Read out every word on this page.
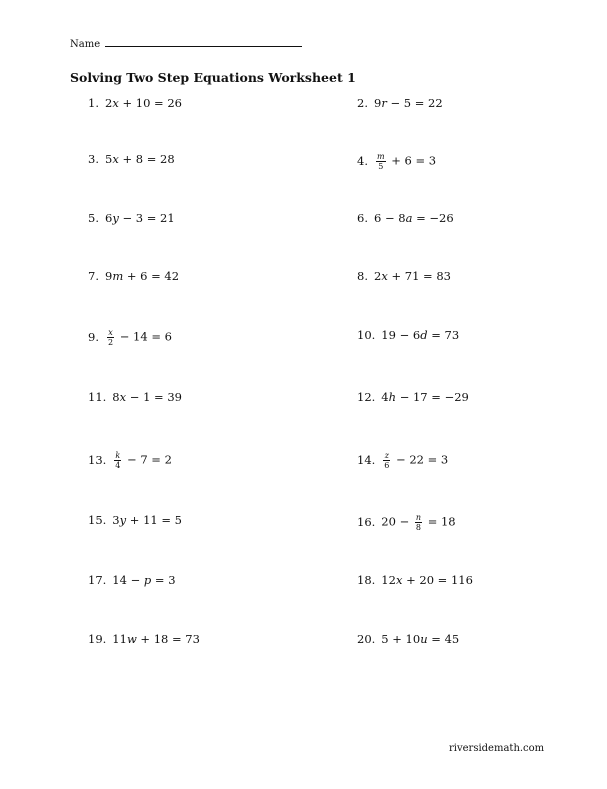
Name
Solving Two Step Equations Worksheet 1
1. 2x + 10 = 26	2. 9r − 5 = 22
3. 5x + 8 = 28	4. $\frac{m}{5} + 6 = 3$
5. 6y − 3 = 21	6. 6 − 8a = −26
7. 9m + 6 = 42	8. 2x + 71 = 83
9. $\frac{x}{2} - 14 = 6$	10. 19 − 6d = 73
11. 8x − 1 = 39	12. 4h − 17 = −29
13. $\frac{k}{4} - 7 = 2$	14. $\frac{z}{6} - 22 = 3$
15. 3y + 11 = 5	16. $20 - \frac{n}{8} = 18$
17. 14 − p = 3	18. 12x + 20 = 116
19. 11w + 18 = 73	20. 5 + 10u = 45
riversidemath.com
